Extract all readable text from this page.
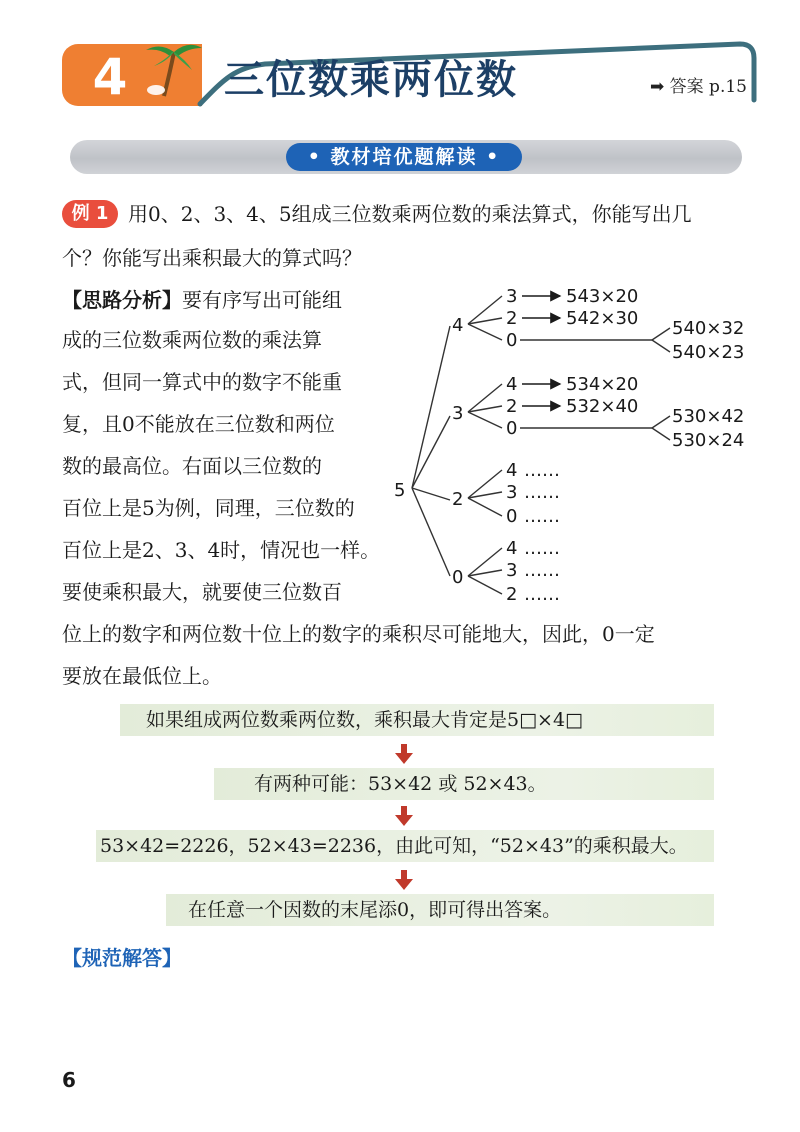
4 三位数乘两位数	➡ 答案 p.15
• 教材培优题解读 •
例 1 用0、2、3、4、5组成三位数乘两位数的乘法算式，你能写出几
个？你能写出乘积最大的算式吗？
【思路分析】要有序写出可能组
成的三位数乘两位数的乘法算
式，但同一算式中的数字不能重
复，且0不能放在三位数和两位
数的最高位。右面以三位数的
百位上是5为例，同理，三位数的
百位上是2、3、4时，情况也一样。
要使乘积最大，就要使三位数百
位上的数字和两位数十位上的数字的乘积尽可能地大，因此，0一定
要放在最低位上。
5
4
3
2
0
543×20
542×30 540×32
540×23
3
4
2
0
534×20
532×40 530×42
530×24
2
4
3
0
……
……
……
0
4
3
2
……
……
……
如果组成两位数乘两位数，乘积最大肯定是5□×4□
有两种可能：53×42 或 52×43。
53×42=2226，52×43=2236，由此可知，“52×43”的乘积最大。
在任意一个因数的末尾添0，即可得出答案。
【规范解答】
6
